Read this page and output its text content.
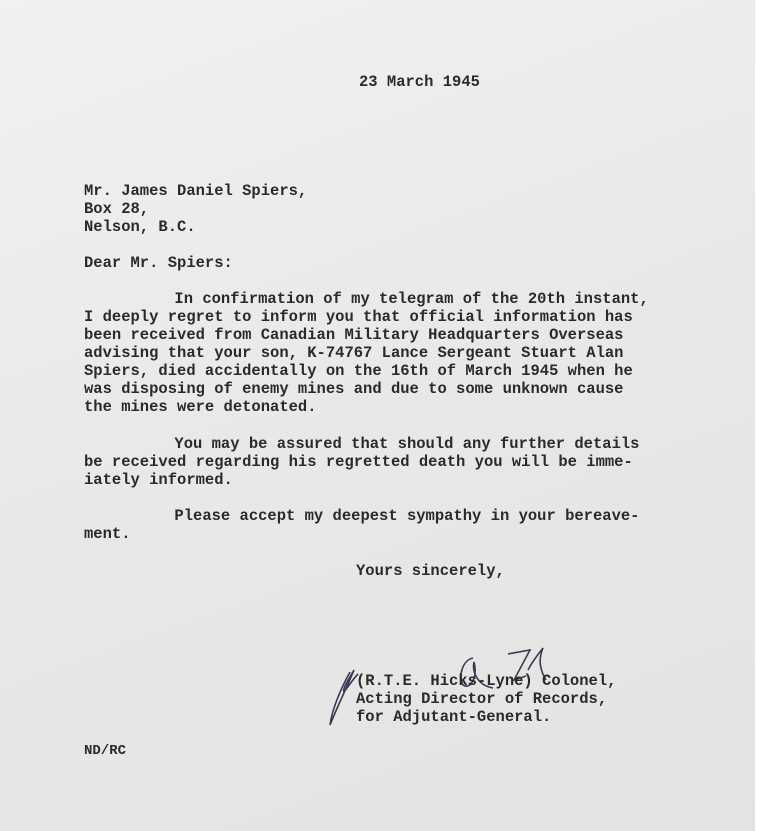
23 March 1945
Mr. James Daniel Spiers,
Box 28,
Nelson, B.C.
Dear Mr. Spiers:
In confirmation of my telegram of the 20th instant,
I deeply regret to inform you that official information has
been received from Canadian Military Headquarters Overseas
advising that your son, K-74767 Lance Sergeant Stuart Alan
Spiers, died accidentally on the 16th of March 1945 when he
was disposing of enemy mines and due to some unknown cause
the mines were detonated.
You may be assured that should any further details
be received regarding his regretted death you will be imme-
iately informed.
Please accept my deepest sympathy in your bereave-
ment.
Yours sincerely,
(R.T.E. Hicks-Lyne) Colonel,
Acting Director of Records,
for Adjutant-General.
ND/RC
